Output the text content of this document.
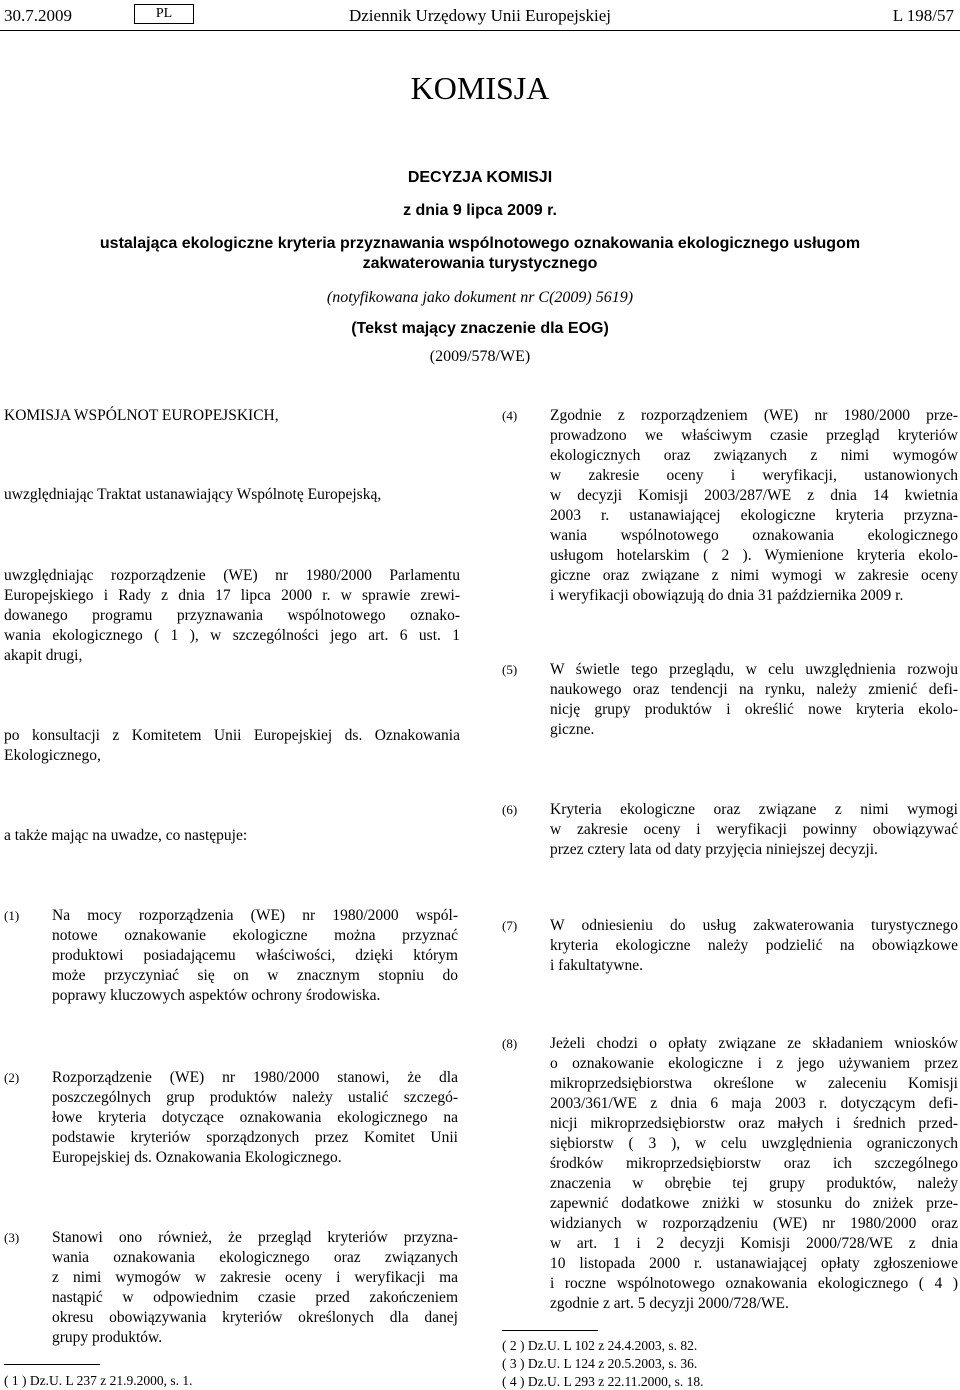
30.7.2009	PL	Dziennik Urzędowy Unii Europejskiej	L 198/57
KOMISJA
DECYZJA KOMISJI
z dnia 9 lipca 2009 r.
ustalająca ekologiczne kryteria przyznawania wspólnotowego oznakowania ekologicznego usługom
zakwaterowania turystycznego
(notyfikowana jako dokument nr C(2009) 5619)
(Tekst mający znaczenie dla EOG)
(2009/578/WE)
KOMISJA WSPÓLNOT EUROPEJSKICH,
uwzględniając Traktat ustanawiający Wspólnotę Europejską,
uwzględniając rozporządzenie (WE) nr 1980/2000 Parlamentu
Europejskiego i Rady z dnia 17 lipca 2000 r. w sprawie zrewi-
dowanego programu przyznawania wspólnotowego oznako-
wania ekologicznego ( 1 ), w szczególności jego art. 6 ust. 1
akapit drugi,
po konsultacji z Komitetem Unii Europejskiej ds. Oznakowania
Ekologicznego,
a także mając na uwadze, co następuje:
(1) Na mocy rozporządzenia (WE) nr 1980/2000 wspól-
notowe oznakowanie ekologiczne można przyznać
produktowi posiadającemu właściwości, dzięki którym
może przyczyniać się on w znacznym stopniu do
poprawy kluczowych aspektów ochrony środowiska.
(2) Rozporządzenie (WE) nr 1980/2000 stanowi, że dla
poszczególnych grup produktów należy ustalić szczegó-
łowe kryteria dotyczące oznakowania ekologicznego na
podstawie kryteriów sporządzonych przez Komitet Unii
Europejskiej ds. Oznakowania Ekologicznego.
(3) Stanowi ono również, że przegląd kryteriów przyzna-
wania oznakowania ekologicznego oraz związanych
z nimi wymogów w zakresie oceny i weryfikacji ma
nastąpić w odpowiednim czasie przed zakończeniem
okresu obowiązywania kryteriów określonych dla danej
grupy produktów.
( 1 ) Dz.U. L 237 z 21.9.2000, s. 1.
(4) Zgodnie z rozporządzeniem (WE) nr 1980/2000 prze-
prowadzono we właściwym czasie przegląd kryteriów
ekologicznych oraz związanych z nimi wymogów
w zakresie oceny i weryfikacji, ustanowionych
w decyzji Komisji 2003/287/WE z dnia 14 kwietnia
2003 r. ustanawiającej ekologiczne kryteria przyzna-
wania wspólnotowego oznakowania ekologicznego
usługom hotelarskim ( 2 ). Wymienione kryteria ekolo-
giczne oraz związane z nimi wymogi w zakresie oceny
i weryfikacji obowiązują do dnia 31 października 2009 r.
(5) W świetle tego przeglądu, w celu uwzględnienia rozwoju
naukowego oraz tendencji na rynku, należy zmienić defi-
nicję grupy produktów i określić nowe kryteria ekolo-
giczne.
(6) Kryteria ekologiczne oraz związane z nimi wymogi
w zakresie oceny i weryfikacji powinny obowiązywać
przez cztery lata od daty przyjęcia niniejszej decyzji.
(7) W odniesieniu do usług zakwaterowania turystycznego
kryteria ekologiczne należy podzielić na obowiązkowe
i fakultatywne.
(8) Jeżeli chodzi o opłaty związane ze składaniem wniosków
o oznakowanie ekologiczne i z jego używaniem przez
mikroprzedsiębiorstwa określone w zaleceniu Komisji
2003/361/WE z dnia 6 maja 2003 r. dotyczącym defi-
nicji mikroprzedsiębiorstw oraz małych i średnich przed-
siębiorstw ( 3 ), w celu uwzględnienia ograniczonych
środków mikroprzedsiębiorstw oraz ich szczególnego
znaczenia w obrębie tej grupy produktów, należy
zapewnić dodatkowe zniżki w stosunku do zniżek prze-
widzianych w rozporządzeniu (WE) nr 1980/2000 oraz
w art. 1 i 2 decyzji Komisji 2000/728/WE z dnia
10 listopada 2000 r. ustanawiającej opłaty zgłoszeniowe
i roczne wspólnotowego oznakowania ekologicznego ( 4 )
zgodnie z art. 5 decyzji 2000/728/WE.
( 2 ) Dz.U. L 102 z 24.4.2003, s. 82.
( 3 ) Dz.U. L 124 z 20.5.2003, s. 36.
( 4 ) Dz.U. L 293 z 22.11.2000, s. 18.
